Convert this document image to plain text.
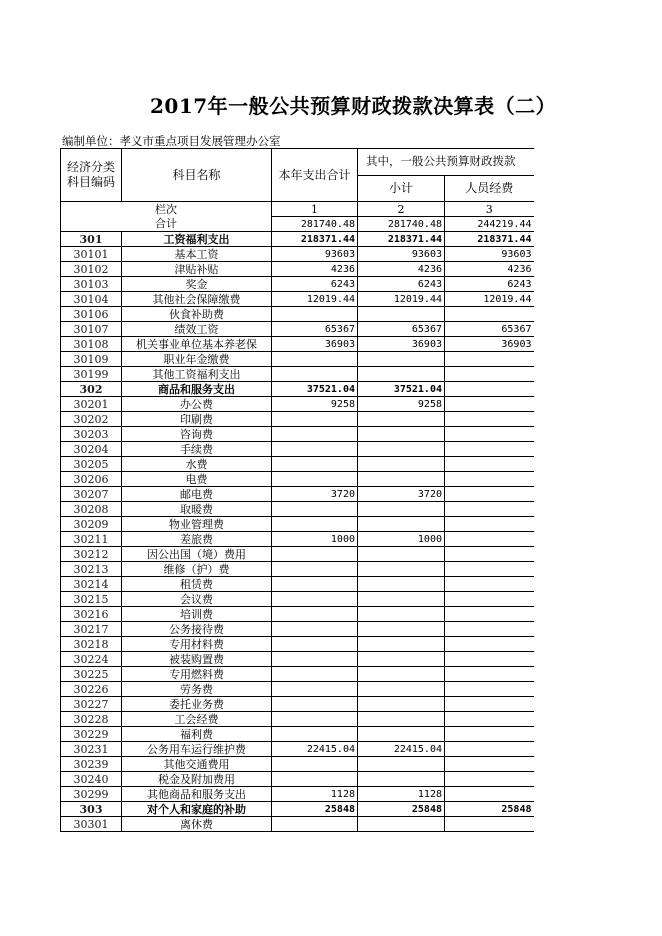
2017年一般公共预算财政拨款决算表（二）
编制单位：孝义市重点项目发展管理办公室
经济分类
科目编码	科目名称	本年支出合计	其中，一般公共预算财政拨款	
			小计	人员经费
栏次		1	2	3
合计		281740.48	281740.48	244219.44
301	工资福利支出	218371.44	218371.44	218371.44
30101	基本工资	93603	93603	93603
30102	津贴补贴	4236	4236	4236
30103	奖金	6243	6243	6243
30104	其他社会保障缴费	12019.44	12019.44	12019.44
30106	伙食补助费			
30107	绩效工资	65367	65367	65367
30108	机关事业单位基本养老保	36903	36903	36903
30109	职业年金缴费			
30199	其他工资福利支出			
302	商品和服务支出	37521.04	37521.04	
30201	办公费	9258	9258	
30202	印刷费			
30203	咨询费			
30204	手续费			
30205	水费			
30206	电费			
30207	邮电费	3720	3720	
30208	取暖费			
30209	物业管理费			
30211	差旅费	1000	1000	
30212	因公出国（境）费用			
30213	维修（护）费			
30214	租赁费			
30215	会议费			
30216	培训费			
30217	公务接待费			
30218	专用材料费			
30224	被装购置费			
30225	专用燃料费			
30226	劳务费			
30227	委托业务费			
30228	工会经费			
30229	福利费			
30231	公务用车运行维护费	22415.04	22415.04	
30239	其他交通费用			
30240	税金及附加费用			
30299	其他商品和服务支出	1128	1128	
303	对个人和家庭的补助	25848	25848	25848
30301	离休费			
